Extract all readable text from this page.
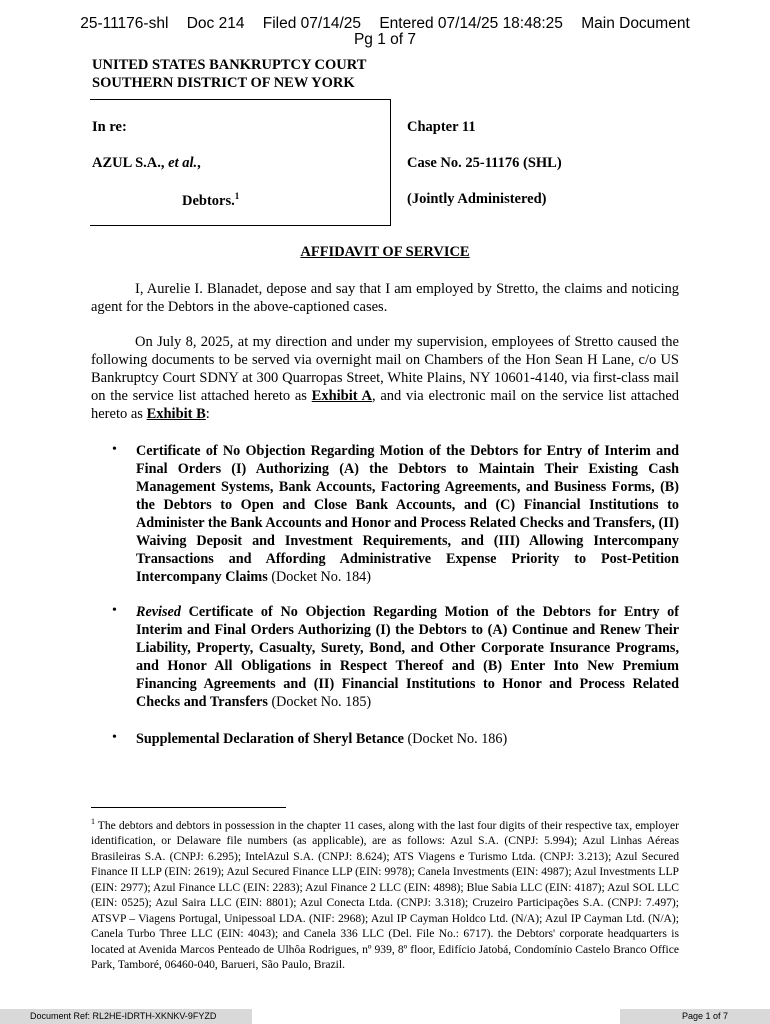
25-11176-shl Doc 214 Filed 07/14/25 Entered 07/14/25 18:48:25 Main Document
Pg 1 of 7
UNITED STATES BANKRUPTCY COURT
SOUTHERN DISTRICT OF NEW YORK
In re:
AZUL S.A., et al.,
Debtors.$^1$
Chapter 11
Case No. 25-11176 (SHL)
(Jointly Administered)
AFFIDAVIT OF SERVICE
I, Aurelie I. Blanadet, depose and say that I am employed by Stretto, the claims and noticing agent for the Debtors in the above-captioned cases.
On July 8, 2025, at my direction and under my supervision, employees of Stretto caused the following documents to be served via overnight mail on Chambers of the Hon Sean H Lane, c/o US Bankruptcy Court SDNY at 300 Quarropas Street, White Plains, NY 10601-4140, via first-class mail on the service list attached hereto as Exhibit A, and via electronic mail on the service list attached hereto as Exhibit B:
• Certificate of No Objection Regarding Motion of the Debtors for Entry of Interim and Final Orders (I) Authorizing (A) the Debtors to Maintain Their Existing Cash Management Systems, Bank Accounts, Factoring Agreements, and Business Forms, (B) the Debtors to Open and Close Bank Accounts, and (C) Financial Institutions to Administer the Bank Accounts and Honor and Process Related Checks and Transfers, (II) Waiving Deposit and Investment Requirements, and (III) Allowing Intercompany Transactions and Affording Administrative Expense Priority to Post-Petition Intercompany Claims (Docket No. 184)
• Revised Certificate of No Objection Regarding Motion of the Debtors for Entry of Interim and Final Orders Authorizing (I) the Debtors to (A) Continue and Renew Their Liability, Property, Casualty, Surety, Bond, and Other Corporate Insurance Programs, and Honor All Obligations in Respect Thereof and (B) Enter Into New Premium Financing Agreements and (II) Financial Institutions to Honor and Process Related Checks and Transfers (Docket No. 185)
• Supplemental Declaration of Sheryl Betance (Docket No. 186)
$^1$ The debtors and debtors in possession in the chapter 11 cases, along with the last four digits of their respective tax, employer identification, or Delaware file numbers (as applicable), are as follows: Azul S.A. (CNPJ: 5.994); Azul Linhas Aéreas Brasileiras S.A. (CNPJ: 6.295); IntelAzul S.A. (CNPJ: 8.624); ATS Viagens e Turismo Ltda. (CNPJ: 3.213); Azul Secured Finance II LLP (EIN: 2619); Azul Secured Finance LLP (EIN: 9978); Canela Investments (EIN: 4987); Azul Investments LLP (EIN: 2977); Azul Finance LLC (EIN: 2283); Azul Finance 2 LLC (EIN: 4898); Blue Sabia LLC (EIN: 4187); Azul SOL LLC (EIN: 0525); Azul Saira LLC (EIN: 8801); Azul Conecta Ltda. (CNPJ: 3.318); Cruzeiro Participações S.A. (CNPJ: 7.497); ATSVP – Viagens Portugal, Unipessoal LDA. (NIF: 2968); Azul IP Cayman Holdco Ltd. (N/A); Azul IP Cayman Ltd. (N/A); Canela Turbo Three LLC (EIN: 4043); and Canela 336 LLC (Del. File No.: 6717). the Debtors' corporate headquarters is located at Avenida Marcos Penteado de Ulhôa Rodrigues, nº 939, 8º floor, Edifício Jatobá, Condomínio Castelo Branco Office Park, Tamboré, 06460-040, Barueri, São Paulo, Brazil.
Document Ref: RL2HE-IDRTH-XKNKV-9FYZD	Page 1 of 7
